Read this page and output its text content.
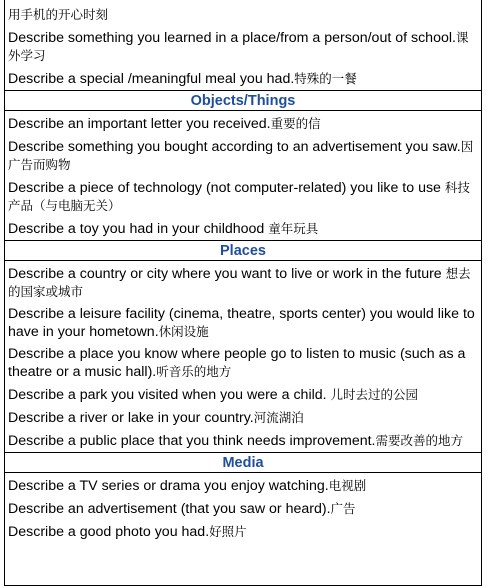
用手机的开心时刻
Describe something you learned in a place/from a person/out of school.课外学习
Describe a special /meaningful meal you had.特殊的一餐
Objects/Things
Describe an important letter you received.重要的信
Describe something you bought according to an advertisement you saw.因广告而购物
Describe a piece of technology (not computer-related) you like to use 科技产品（与电脑无关）
Describe a toy you had in your childhood 童年玩具
Places
Describe a country or city where you want to live or work in the future 想去的国家或城市
Describe a leisure facility (cinema, theatre, sports center) you would like to have in your hometown.休闲设施
Describe a place you know where people go to listen to music (such as a theatre or a music hall).听音乐的地方
Describe a park you visited when you were a child. 儿时去过的公园
Describe a river or lake in your country.河流湖泊
Describe a public place that you think needs improvement.需要改善的地方
Media
Describe a TV series or drama you enjoy watching.电视剧
Describe an advertisement (that you saw or heard).广告
Describe a good photo you had.好照片
